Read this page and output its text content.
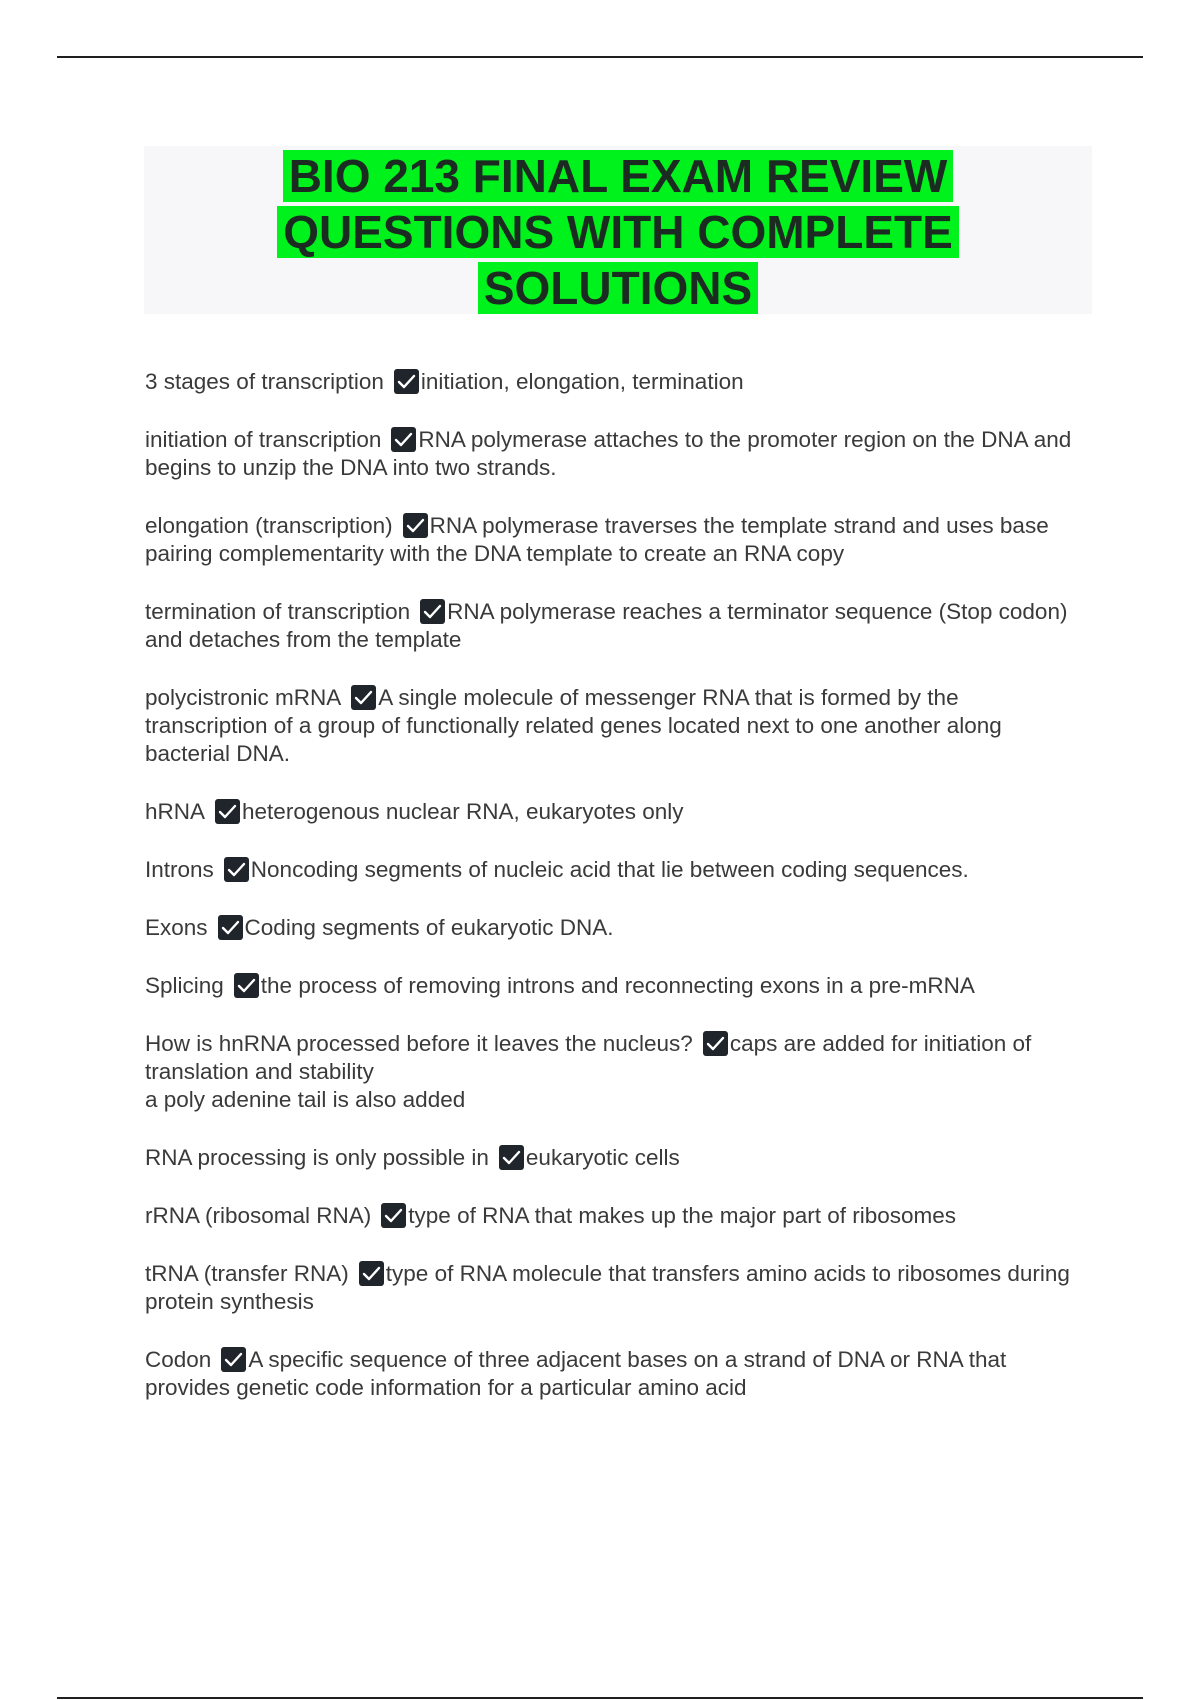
BIO 213 FINAL EXAM REVIEW QUESTIONS WITH COMPLETE SOLUTIONS
3 stages of transcription initiation, elongation, termination
initiation of transcription RNA polymerase attaches to the promoter region on the DNA and begins to unzip the DNA into two strands.
elongation (transcription) RNA polymerase traverses the template strand and uses base pairing complementarity with the DNA template to create an RNA copy
termination of transcription RNA polymerase reaches a terminator sequence (Stop codon) and detaches from the template
polycistronic mRNA A single molecule of messenger RNA that is formed by the transcription of a group of functionally related genes located next to one another along bacterial DNA.
hRNA heterogenous nuclear RNA, eukaryotes only
Introns Noncoding segments of nucleic acid that lie between coding sequences.
Exons Coding segments of eukaryotic DNA.
Splicing the process of removing introns and reconnecting exons in a pre-mRNA
How is hnRNA processed before it leaves the nucleus? caps are added for initiation of translation and stability
a poly adenine tail is also added
RNA processing is only possible in eukaryotic cells
rRNA (ribosomal RNA) type of RNA that makes up the major part of ribosomes
tRNA (transfer RNA) type of RNA molecule that transfers amino acids to ribosomes during protein synthesis
Codon A specific sequence of three adjacent bases on a strand of DNA or RNA that provides genetic code information for a particular amino acid
